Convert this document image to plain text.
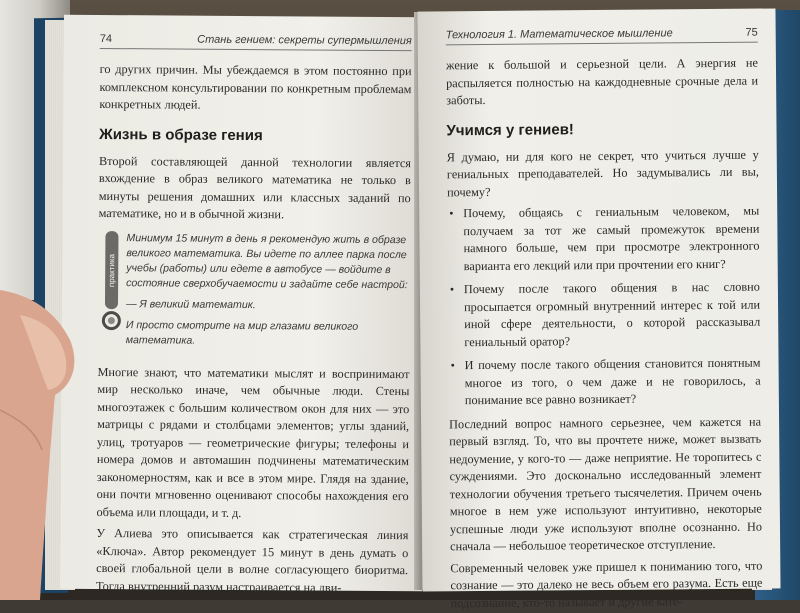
74	Стань гением: секреты супермышления

го других причин. Мы убеждаемся в этом постоянно при комплексном консультировании по конкретным проблемам конкретных людей.

Жизнь в образе гения

Второй составляющей данной технологии является вхождение в образ великого математика не только в минуты решения домашних или классных заданий по математике, но и в обычной жизни.

практика

Минимум 15 минут в день я рекомендую жить в образе великого математика. Вы идете по аллее парка после учебы (работы) или едете в автобусе — войдите в состояние сверхобучаемости и задайте себе настрой:

— Я великий математик.

И просто смотрите на мир глазами великого математика.

Многие знают, что математики мыслят и воспринимают мир несколько иначе, чем обычные люди. Стены многоэтажек с большим количеством окон для них — это матрицы с рядами и столбцами элементов; углы зданий, улиц, тротуаров — геометрические фигуры; телефоны и номера домов и автомашин подчинены математическим закономерностям, как и все в этом мире. Глядя на здание, они почти мгновенно оценивают способы нахождения его объема или площади, и т. д.

У Алиева это описывается как стратегическая линия «Ключа». Автор рекомендует 15 минут в день думать о своей глобальной цели в волне согласующего биоритма. Тогда внутренний разум настраивается на дви-

Технология 1. Математическое мышление	75

жение к большой и серьезной цели. А энергия не распыляется полностью на каждодневные срочные дела и заботы.

Учимся у гениев!

Я думаю, ни для кого не секрет, что учиться лучше у гениальных преподавателей. Но задумывались ли вы, почему?

• Почему, общаясь с гениальным человеком, мы получаем за тот же самый промежуток времени намного больше, чем при просмотре электронного варианта его лекций или при прочтении его книг?
• Почему после такого общения в нас словно просыпается огромный внутренний интерес к той или иной сфере деятельности, о которой рассказывал гениальный оратор?
• И почему после такого общения становится понятным многое из того, о чем даже и не говорилось, а понимание все равно возникает?

Последний вопрос намного серьезнее, чем кажется на первый взгляд. То, что вы прочтете ниже, может вызвать недоумение, у кого-то — даже неприятие. Не торопитесь с суждениями. Это досконально исследованный элемент технологии обучения третьего тысячелетия. Причем очень многое в нем уже используют интуитивно, некоторые успешные люди уже используют вполне осознанно. Но сначала — небольшое теоретическое отступление.

Современный человек уже пришел к пониманию того, что сознание — это далеко не весь объем его разума. Есть еще подсознание, кто-то называет и другие кате-
